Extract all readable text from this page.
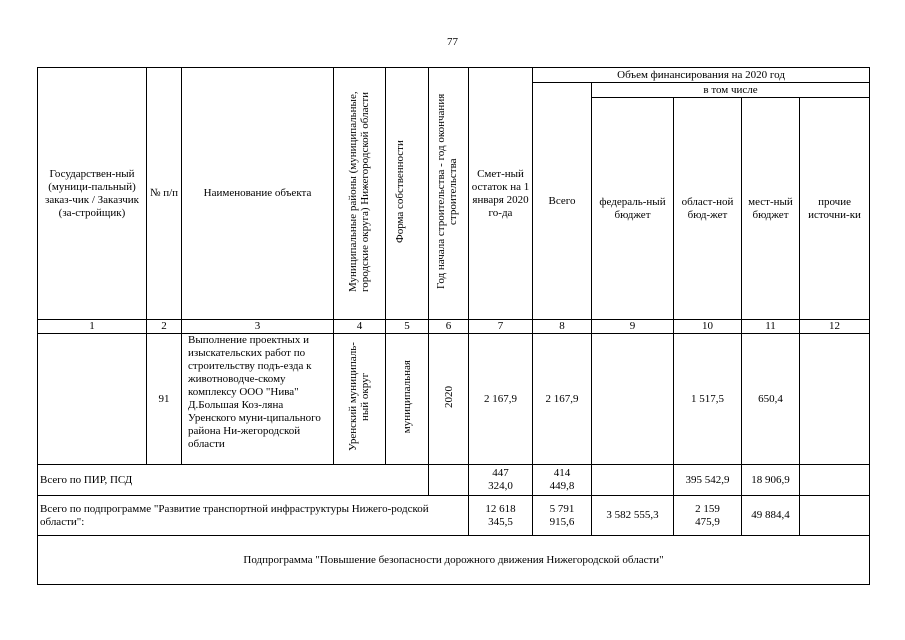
77
Государствен-ный (муници-пальный) заказ-чик / Заказчик (за-стройщик)	№ п/п	Наименование объекта	Муниципальные районы (муниципальные, городские округа) Нижегородской области	Форма собственности	Год начала строительства - год окончания строительства	Смет-ный остаток на 1 января 2020 го-да	Объем финансирования на 2020 год				
							Всего	в том числе			
								федераль-ный бюджет	област-ной бюд-жет	мест-ный бюджет	прочие источни-ки
1	2	3	4	5	6	7	8	9	10	11	12
	91	Выполнение проектных и изыскательских работ по строительству подъ-езда к животноводче-скому комплексу ООО "Нива" Д.Большая Коз-ляна Уренского муни-ципального района Ни-жегородской области	Уренский муниципаль-ный округ	муниципальная	2020	2 167,9	2 167,9		1 517,5	650,4	
Всего по ПИР, ПСД						447 324,0	414 449,8		395 542,9	18 906,9	
Всего по подпрограмме "Развитие транспортной инфраструктуры Нижего-родской области":						12 618 345,5	5 791 915,6	3 582 555,3	2 159 475,9	49 884,4	
Подпрограмма "Повышение безопасности дорожного движения Нижегородской области"											
